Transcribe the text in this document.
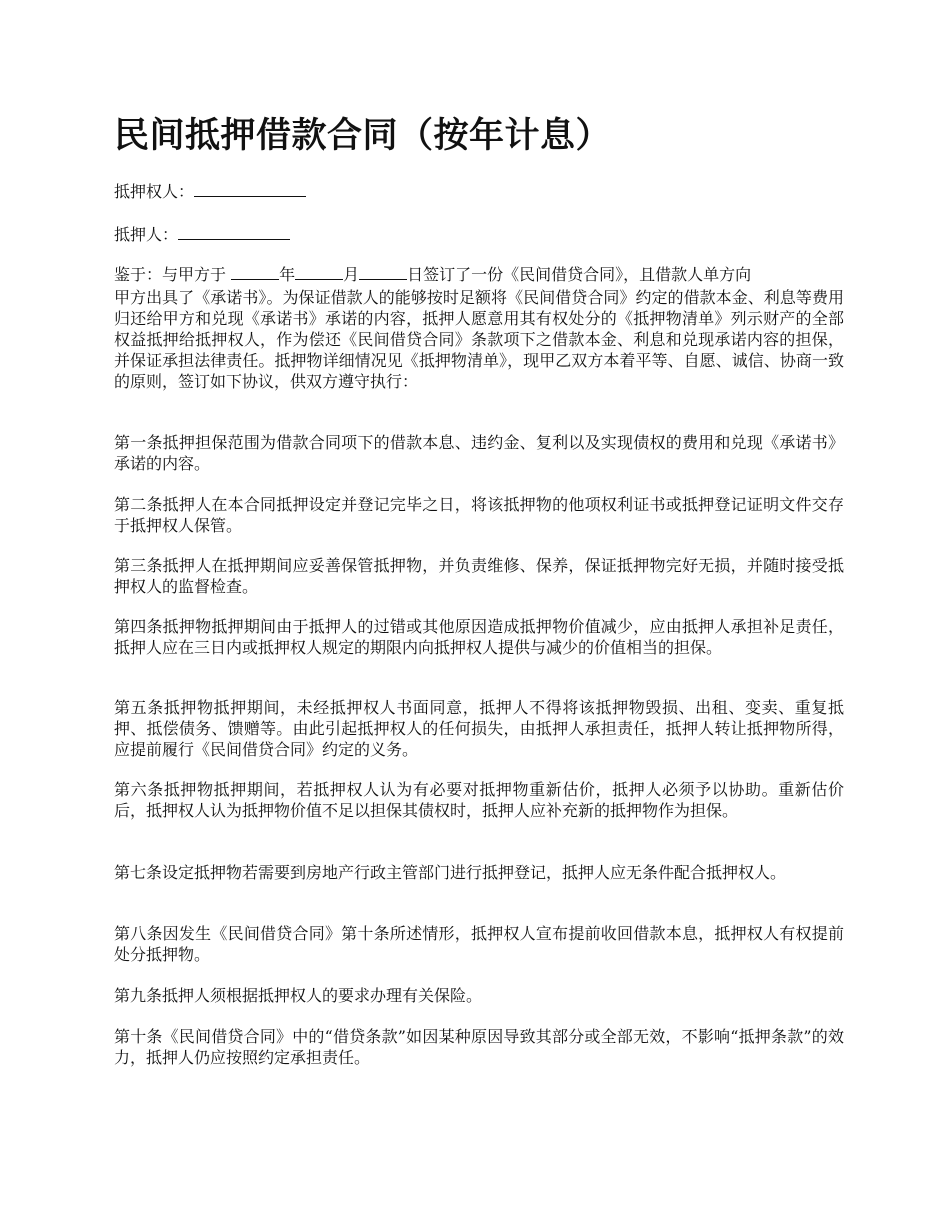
民间抵押借款合同（按年计息）
抵押权人：
抵押人：
鉴于：与甲方于	年	月	日签订了一份《民间借贷合同》，且借款人单方向

甲方出具了《承诺书》。为保证借款人的能够按时足额将《民间借贷合同》约定的借款本金、利息等费用归还给甲方和兑现《承诺书》承诺的内容，抵押人愿意用其有权处分的《抵押物清单》列示财产的全部权益抵押给抵押权人，作为偿还《民间借贷合同》条款项下之借款本金、利息和兑现承诺内容的担保，并保证承担法律责任。抵押物详细情况见《抵押物清单》，现甲乙双方本着平等、自愿、诚信、协商一致的原则，签订如下协议，供双方遵守执行：

第一条抵押担保范围为借款合同项下的借款本息、违约金、复利以及实现债权的费用和兑现《承诺书》承诺的内容。

第二条抵押人在本合同抵押设定并登记完毕之日，将该抵押物的他项权利证书或抵押登记证明文件交存于抵押权人保管。

第三条抵押人在抵押期间应妥善保管抵押物，并负责维修、保养，保证抵押物完好无损，并随时接受抵押权人的监督检查。

第四条抵押物抵押期间由于抵押人的过错或其他原因造成抵押物价值减少，应由抵押人承担补足责任，抵押人应在三日内或抵押权人规定的期限内向抵押权人提供与减少的价值相当的担保。

第五条抵押物抵押期间，未经抵押权人书面同意，抵押人不得将该抵押物毁损、出租、变卖、重复抵押、抵偿债务、馈赠等。由此引起抵押权人的任何损失，由抵押人承担责任，抵押人转让抵押物所得，应提前履行《民间借贷合同》约定的义务。

第六条抵押物抵押期间，若抵押权人认为有必要对抵押物重新估价，抵押人必须予以协助。重新估价后，抵押权人认为抵押物价值不足以担保其债权时，抵押人应补充新的抵押物作为担保。

第七条设定抵押物若需要到房地产行政主管部门进行抵押登记，抵押人应无条件配合抵押权人。

第八条因发生《民间借贷合同》第十条所述情形，抵押权人宣布提前收回借款本息，抵押权人有权提前处分抵押物。

第九条抵押人须根据抵押权人的要求办理有关保险。

第十条《民间借贷合同》中的“借贷条款”如因某种原因导致其部分或全部无效，不影响“抵押条款”的效力，抵押人仍应按照约定承担责任。
